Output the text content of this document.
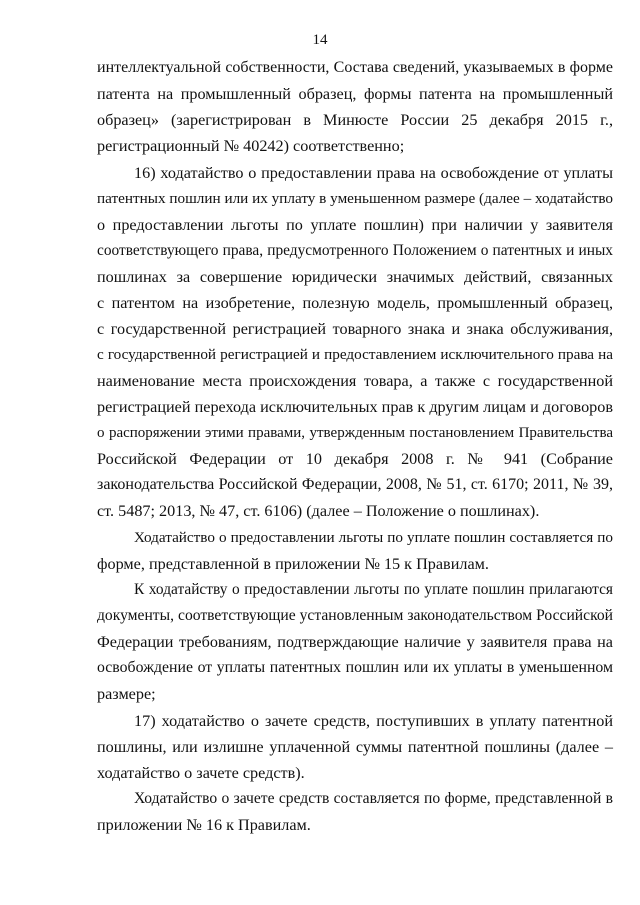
14
интеллектуальной собственности, Состава сведений, указываемых в форме
патента на промышленный образец, формы патента на промышленный
образец» (зарегистрирован в Минюсте России 25 декабря 2015 г.,
регистрационный № 40242) соответственно;
16) ходатайство о предоставлении права на освобождение от уплаты
патентных пошлин или их уплату в уменьшенном размере (далее – ходатайство
о предоставлении льготы по уплате пошлин) при наличии у заявителя
соответствующего права, предусмотренного Положением о патентных и иных
пошлинах за совершение юридически значимых действий, связанных
с патентом на изобретение, полезную модель, промышленный образец,
с государственной регистрацией товарного знака и знака обслуживания,
с государственной регистрацией и предоставлением исключительного права на
наименование места происхождения товара, а также с государственной
регистрацией перехода исключительных прав к другим лицам и договоров
о распоряжении этими правами, утвержденным постановлением Правительства
Российской Федерации от 10 декабря 2008 г. № 941 (Собрание
законодательства Российской Федерации, 2008, № 51, ст. 6170; 2011, № 39,
ст. 5487; 2013, № 47, ст. 6106) (далее – Положение о пошлинах).
Ходатайство о предоставлении льготы по уплате пошлин составляется по
форме, представленной в приложении № 15 к Правилам.
К ходатайству о предоставлении льготы по уплате пошлин прилагаются
документы, соответствующие установленным законодательством Российской
Федерации требованиям, подтверждающие наличие у заявителя права на
освобождение от уплаты патентных пошлин или их уплаты в уменьшенном
размере;
17) ходатайство о зачете средств, поступивших в уплату патентной
пошлины, или излишне уплаченной суммы патентной пошлины (далее –
ходатайство о зачете средств).
Ходатайство о зачете средств составляется по форме, представленной в
приложении № 16 к Правилам.
